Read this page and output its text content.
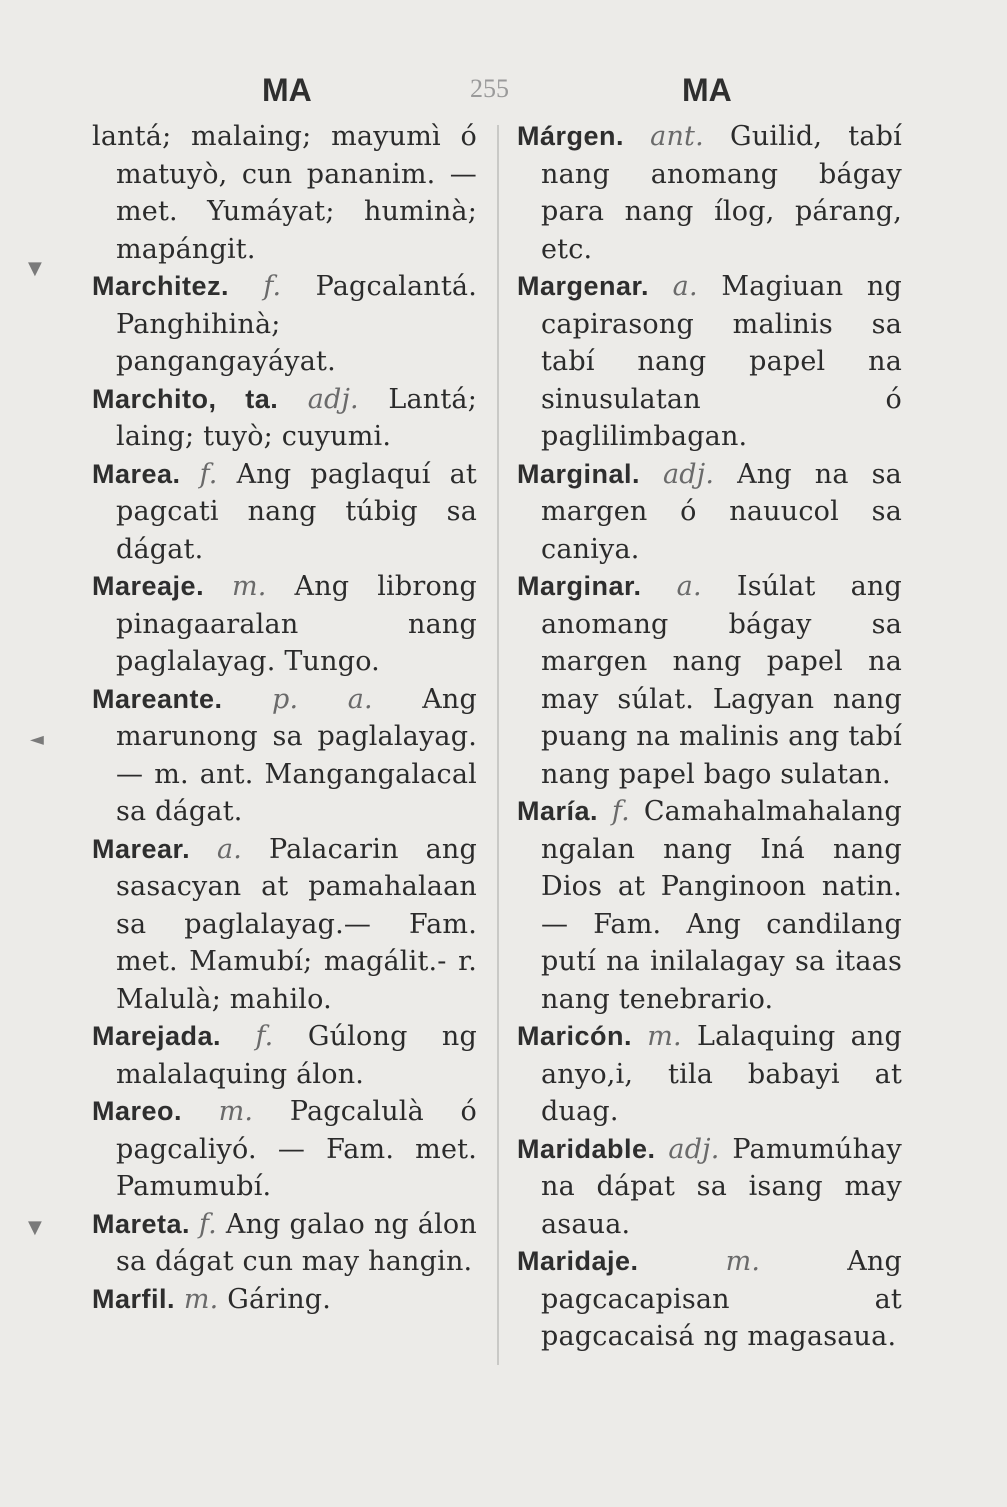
MA	255	MA
▼
◄
▼

lantá; malaing; mayumì ó matuyò, cun pananim. —met. Yumáyat; huminà; mapángit.

Marchitez. f. Pagcalantá. Panghihinà; pangangayáyat.

Marchito, ta. adj. Lantá; laing; tuyò; cuyumi.

Marea. f. Ang paglaquí at pagcati nang túbig sa dágat.

Mareaje. m. Ang librong pinagaaralan nang paglalayag. Tungo.

Mareante. p. a. Ang marunong sa paglalayag.— m. ant. Mangangalacal sa dágat.

Marear. a. Palacarin ang sasacyan at pamahalaan sa paglalayag.— Fam. met. Mamubí; magálit.- r. Malulà; mahilo.

Marejada. f. Gúlong ng malalaquing álon.

Mareo. m. Pagcalulà ó pagcaliyó. — Fam. met. Pamumubí.

Mareta. f. Ang galao ng álon sa dágat cun may hangin.

Marfil. m. Gáring.

Márgen. ant. Guilid, tabí nang anomang bágay para nang ílog, párang, etc.

Margenar. a. Magiuan ng capirasong malinis sa tabí nang papel na sinusulatan ó paglilimbagan.

Marginal. adj. Ang na sa margen ó nauucol sa caniya.

Marginar. a. Isúlat ang anomang bágay sa margen nang papel na may súlat. Lagyan nang puang na malinis ang tabí nang papel bago sulatan.

María. f. Camahalmahalang ngalan nang Iná nang Dios at Panginoon natin. — Fam. Ang candilang putí na inilalagay sa itaas nang tenebrario.

Maricón. m. Lalaquing ang anyo,i, tila babayi at duag.

Maridable. adj. Pamumúhay na dápat sa isang may asaua.

Maridaje.	m.	Ang pagcacapisan at pagcacaisá ng magasaua.
